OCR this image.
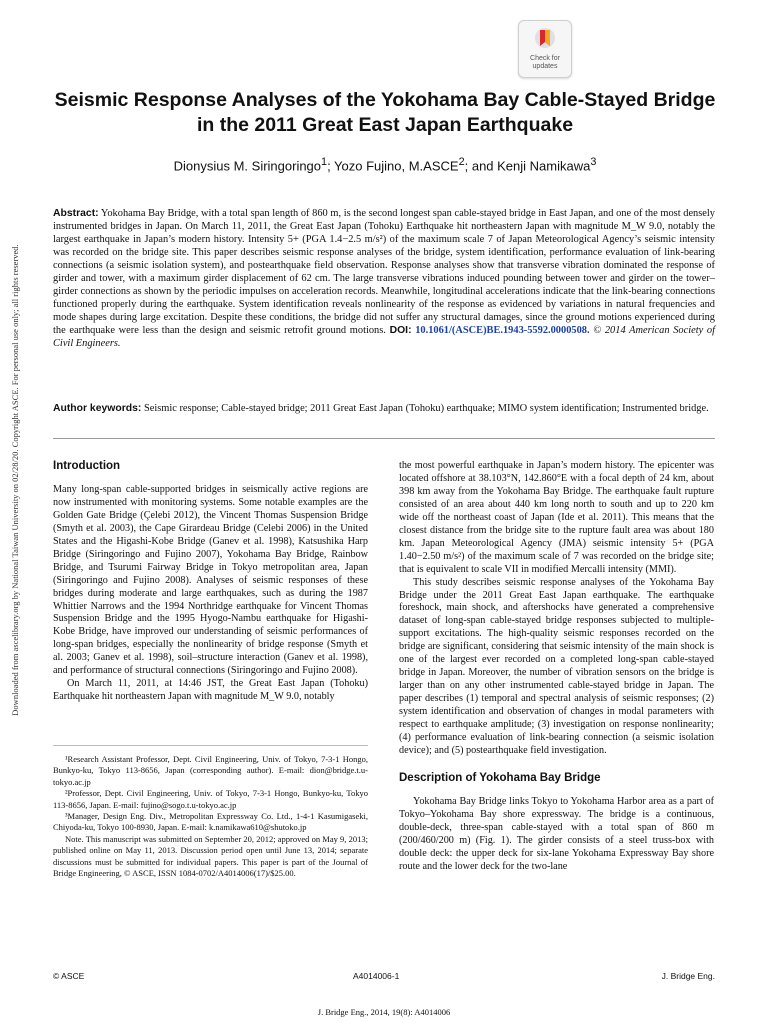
Check for
updates
Downloaded from ascelibrary.org by National Taiwan University on 02/28/20. Copyright ASCE. For personal use only; all rights reserved.
Seismic Response Analyses of the Yokohama Bay Cable-Stayed Bridge in the 2011 Great East Japan Earthquake
Dionysius M. Siringoringo$^1$; Yozo Fujino, M.ASCE$^2$; and Kenji Namikawa$^3$
Abstract: Yokohama Bay Bridge, with a total span length of 860 m, is the second longest span cable-stayed bridge in East Japan, and one of the most densely instrumented bridges in Japan. On March 11, 2011, the Great East Japan (Tohoku) Earthquake hit northeastern Japan with magnitude M_W 9.0, notably the largest earthquake in Japan’s modern history. Intensity 5+ (PGA 1.4−2.5 m/s²) of the maximum scale 7 of Japan Meteorological Agency’s seismic intensity was recorded on the bridge site. This paper describes seismic response analyses of the bridge, system identification, performance evaluation of link-bearing connections (a seismic isolation system), and postearthquake field observation. Response analyses show that transverse vibration dominated the response of girder and tower, with a maximum girder displacement of 62 cm. The large transverse vibrations induced pounding between tower and girder on the tower–girder connections as shown by the periodic impulses on acceleration records. Meanwhile, longitudinal accelerations indicate that the link-bearing connections functioned properly during the earthquake. System identification reveals nonlinearity of the response as evidenced by variations in natural frequencies and mode shapes during large excitation. Despite these conditions, the bridge did not suffer any structural damages, since the ground motions experienced during the earthquake were less than the design and seismic retrofit ground motions. DOI: 10.1061/(ASCE)BE.1943-5592.0000508. © 2014 American Society of Civil Engineers.
Author keywords: Seismic response; Cable-stayed bridge; 2011 Great East Japan (Tohoku) earthquake; MIMO system identification; Instrumented bridge.
Introduction

Many long-span cable-supported bridges in seismically active regions are now instrumented with monitoring systems. Some notable examples are the Golden Gate Bridge (Çelebi 2012), the Vincent Thomas Suspension Bridge (Smyth et al. 2003), the Cape Girardeau Bridge (Celebi 2006) in the United States and the Higashi-Kobe Bridge (Ganev et al. 1998), Katsushika Harp Bridge (Siringoringo and Fujino 2007), Yokohama Bay Bridge, Rainbow Bridge, and Tsurumi Fairway Bridge in Tokyo metropolitan area, Japan (Siringoringo and Fujino 2008). Analyses of seismic responses of these bridges during moderate and large earthquakes, such as during the 1987 Whittier Narrows and the 1994 Northridge earthquake for Vincent Thomas Suspension Bridge and the 1995 Hyogo-Nambu earthquake for Higashi-Kobe Bridge, have improved our understanding of seismic performances of long-span bridges, especially the nonlinearity of bridge response (Smyth et al. 2003; Ganev et al. 1998), soil–structure interaction (Ganev et al. 1998), and performance of structural connections (Siringoringo and Fujino 2008).

On March 11, 2011, at 14:46 JST, the Great East Japan (Tohoku) Earthquake hit northeastern Japan with magnitude M_W 9.0, notably

¹Research Assistant Professor, Dept. Civil Engineering, Univ. of Tokyo, 7-3-1 Hongo, Bunkyo-ku, Tokyo 113-8656, Japan (corresponding author). E-mail: dion@bridge.t.u-tokyo.ac.jp

²Professor, Dept. Civil Engineering, Univ. of Tokyo, 7-3-1 Hongo, Bunkyo-ku, Tokyo 113-8656, Japan. E-mail: fujino@sogo.t.u-tokyo.ac.jp

³Manager, Design Eng. Div., Metropolitan Expressway Co. Ltd., 1-4-1 Kasumigaseki, Chiyoda-ku, Tokyo 100-8930, Japan. E-mail: k.namikawa610@shutoko.jp

Note. This manuscript was submitted on September 20, 2012; approved on May 9, 2013; published online on May 11, 2013. Discussion period open until June 13, 2014; separate discussions must be submitted for individual papers. This paper is part of the Journal of Bridge Engineering, © ASCE, ISSN 1084-0702/A4014006(17)/$25.00.

the most powerful earthquake in Japan’s modern history. The epicenter was located offshore at 38.103°N, 142.860°E with a focal depth of 24 km, about 398 km away from the Yokohama Bay Bridge. The earthquake fault rupture consisted of an area about 440 km long north to south and up to 220 km wide off the northeast coast of Japan (Ide et al. 2011). This means that the closest distance from the bridge site to the rupture fault area was about 180 km. Japan Meteorological Agency (JMA) seismic intensity 5+ (PGA 1.40−2.50 m/s²) of the maximum scale of 7 was recorded on the bridge site; that is equivalent to scale VII in modified Mercalli intensity (MMI).

This study describes seismic response analyses of the Yokohama Bay Bridge under the 2011 Great East Japan earthquake. The earthquake foreshock, main shock, and aftershocks have generated a comprehensive dataset of long-span cable-stayed bridge responses subjected to multiple-support excitations. The high-quality seismic responses recorded on the bridge are significant, considering that seismic intensity of the main shock is one of the largest ever recorded on a completed long-span cable-stayed bridge in Japan. Moreover, the number of vibration sensors on the bridge is larger than on any other instrumented cable-stayed bridge in Japan. The paper describes (1) temporal and spectral analysis of seismic responses; (2) system identification and observation of changes in modal parameters with respect to earthquake amplitude; (3) investigation on response nonlinearity; (4) performance evaluation of link-bearing connection (a seismic isolation device); and (5) postearthquake field investigation.

Description of Yokohama Bay Bridge

Yokohama Bay Bridge links Tokyo to Yokohama Harbor area as a part of Tokyo–Yokohama Bay shore expressway. The bridge is a continuous, double-deck, three-span cable-stayed with a total span of 860 m (200/460/200 m) (Fig. 1). The girder consists of a steel truss-box with double deck: the upper deck for six-lane Yokohama Expressway Bay shore route and the lower deck for the two-lane

© ASCE	A4014006-1	J. Bridge Eng.
J. Bridge Eng., 2014, 19(8): A4014006
